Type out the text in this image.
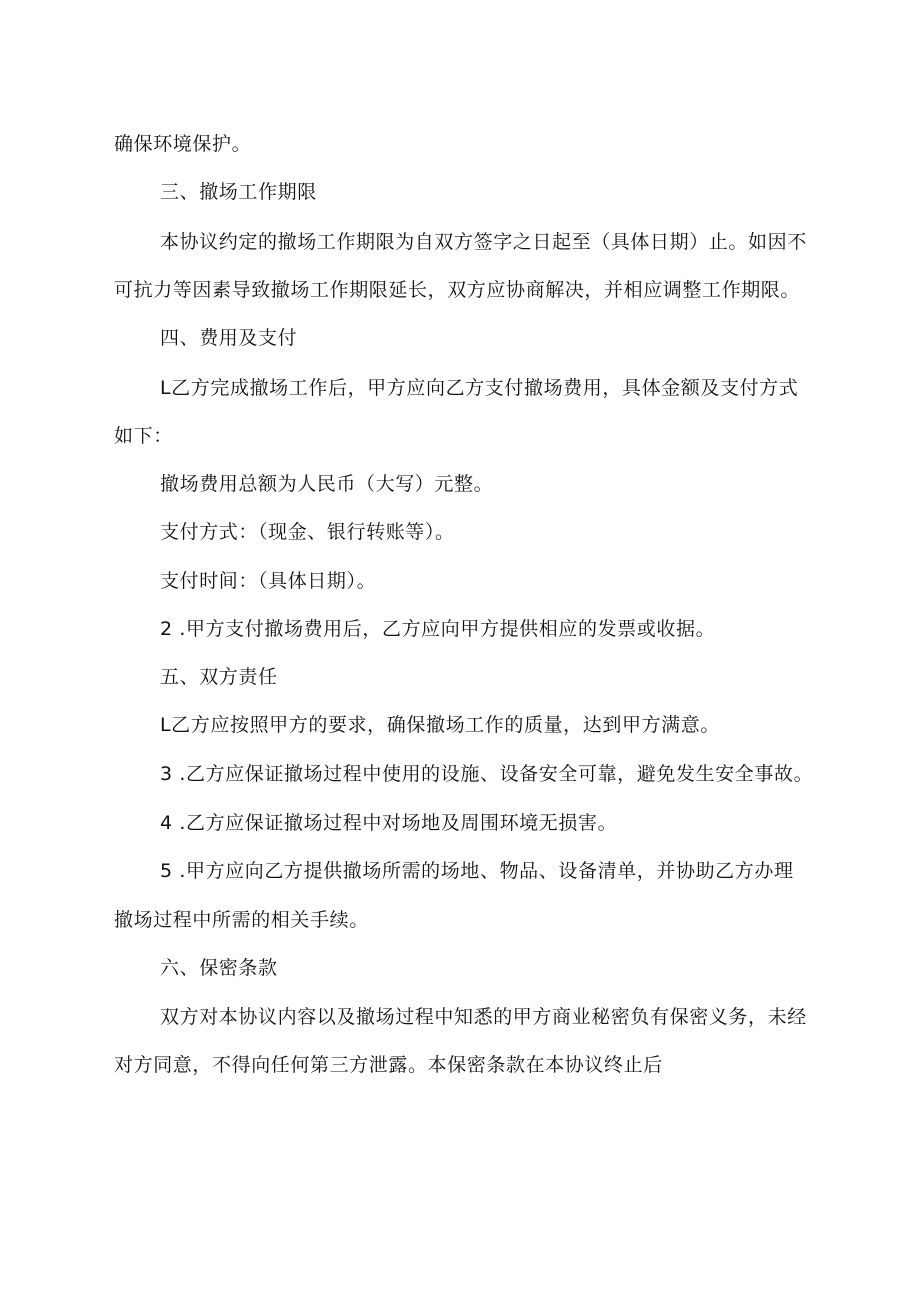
确保环境保护。
三、撤场工作期限
本协议约定的撤场工作期限为自双方签字之日起至（具体日期）止。如因不
可抗力等因素导致撤场工作期限延长，双方应协商解决，并相应调整工作期限。
四、费用及支付
L乙方完成撤场工作后，甲方应向乙方支付撤场费用，具体金额及支付方式
如下：
撤场费用总额为人民币（大写）元整。
支付方式：（现金、银行转账等）。
支付时间：（具体日期）。
2 .甲方支付撤场费用后，乙方应向甲方提供相应的发票或收据。
五、双方责任
L乙方应按照甲方的要求，确保撤场工作的质量，达到甲方满意。
3 .乙方应保证撤场过程中使用的设施、设备安全可靠，避免发生安全事故。
4 .乙方应保证撤场过程中对场地及周围环境无损害。
5 .甲方应向乙方提供撤场所需的场地、物品、设备清单，并协助乙方办理
撤场过程中所需的相关手续。
六、保密条款
双方对本协议内容以及撤场过程中知悉的甲方商业秘密负有保密义务，未经
对方同意，不得向任何第三方泄露。本保密条款在本协议终止后
